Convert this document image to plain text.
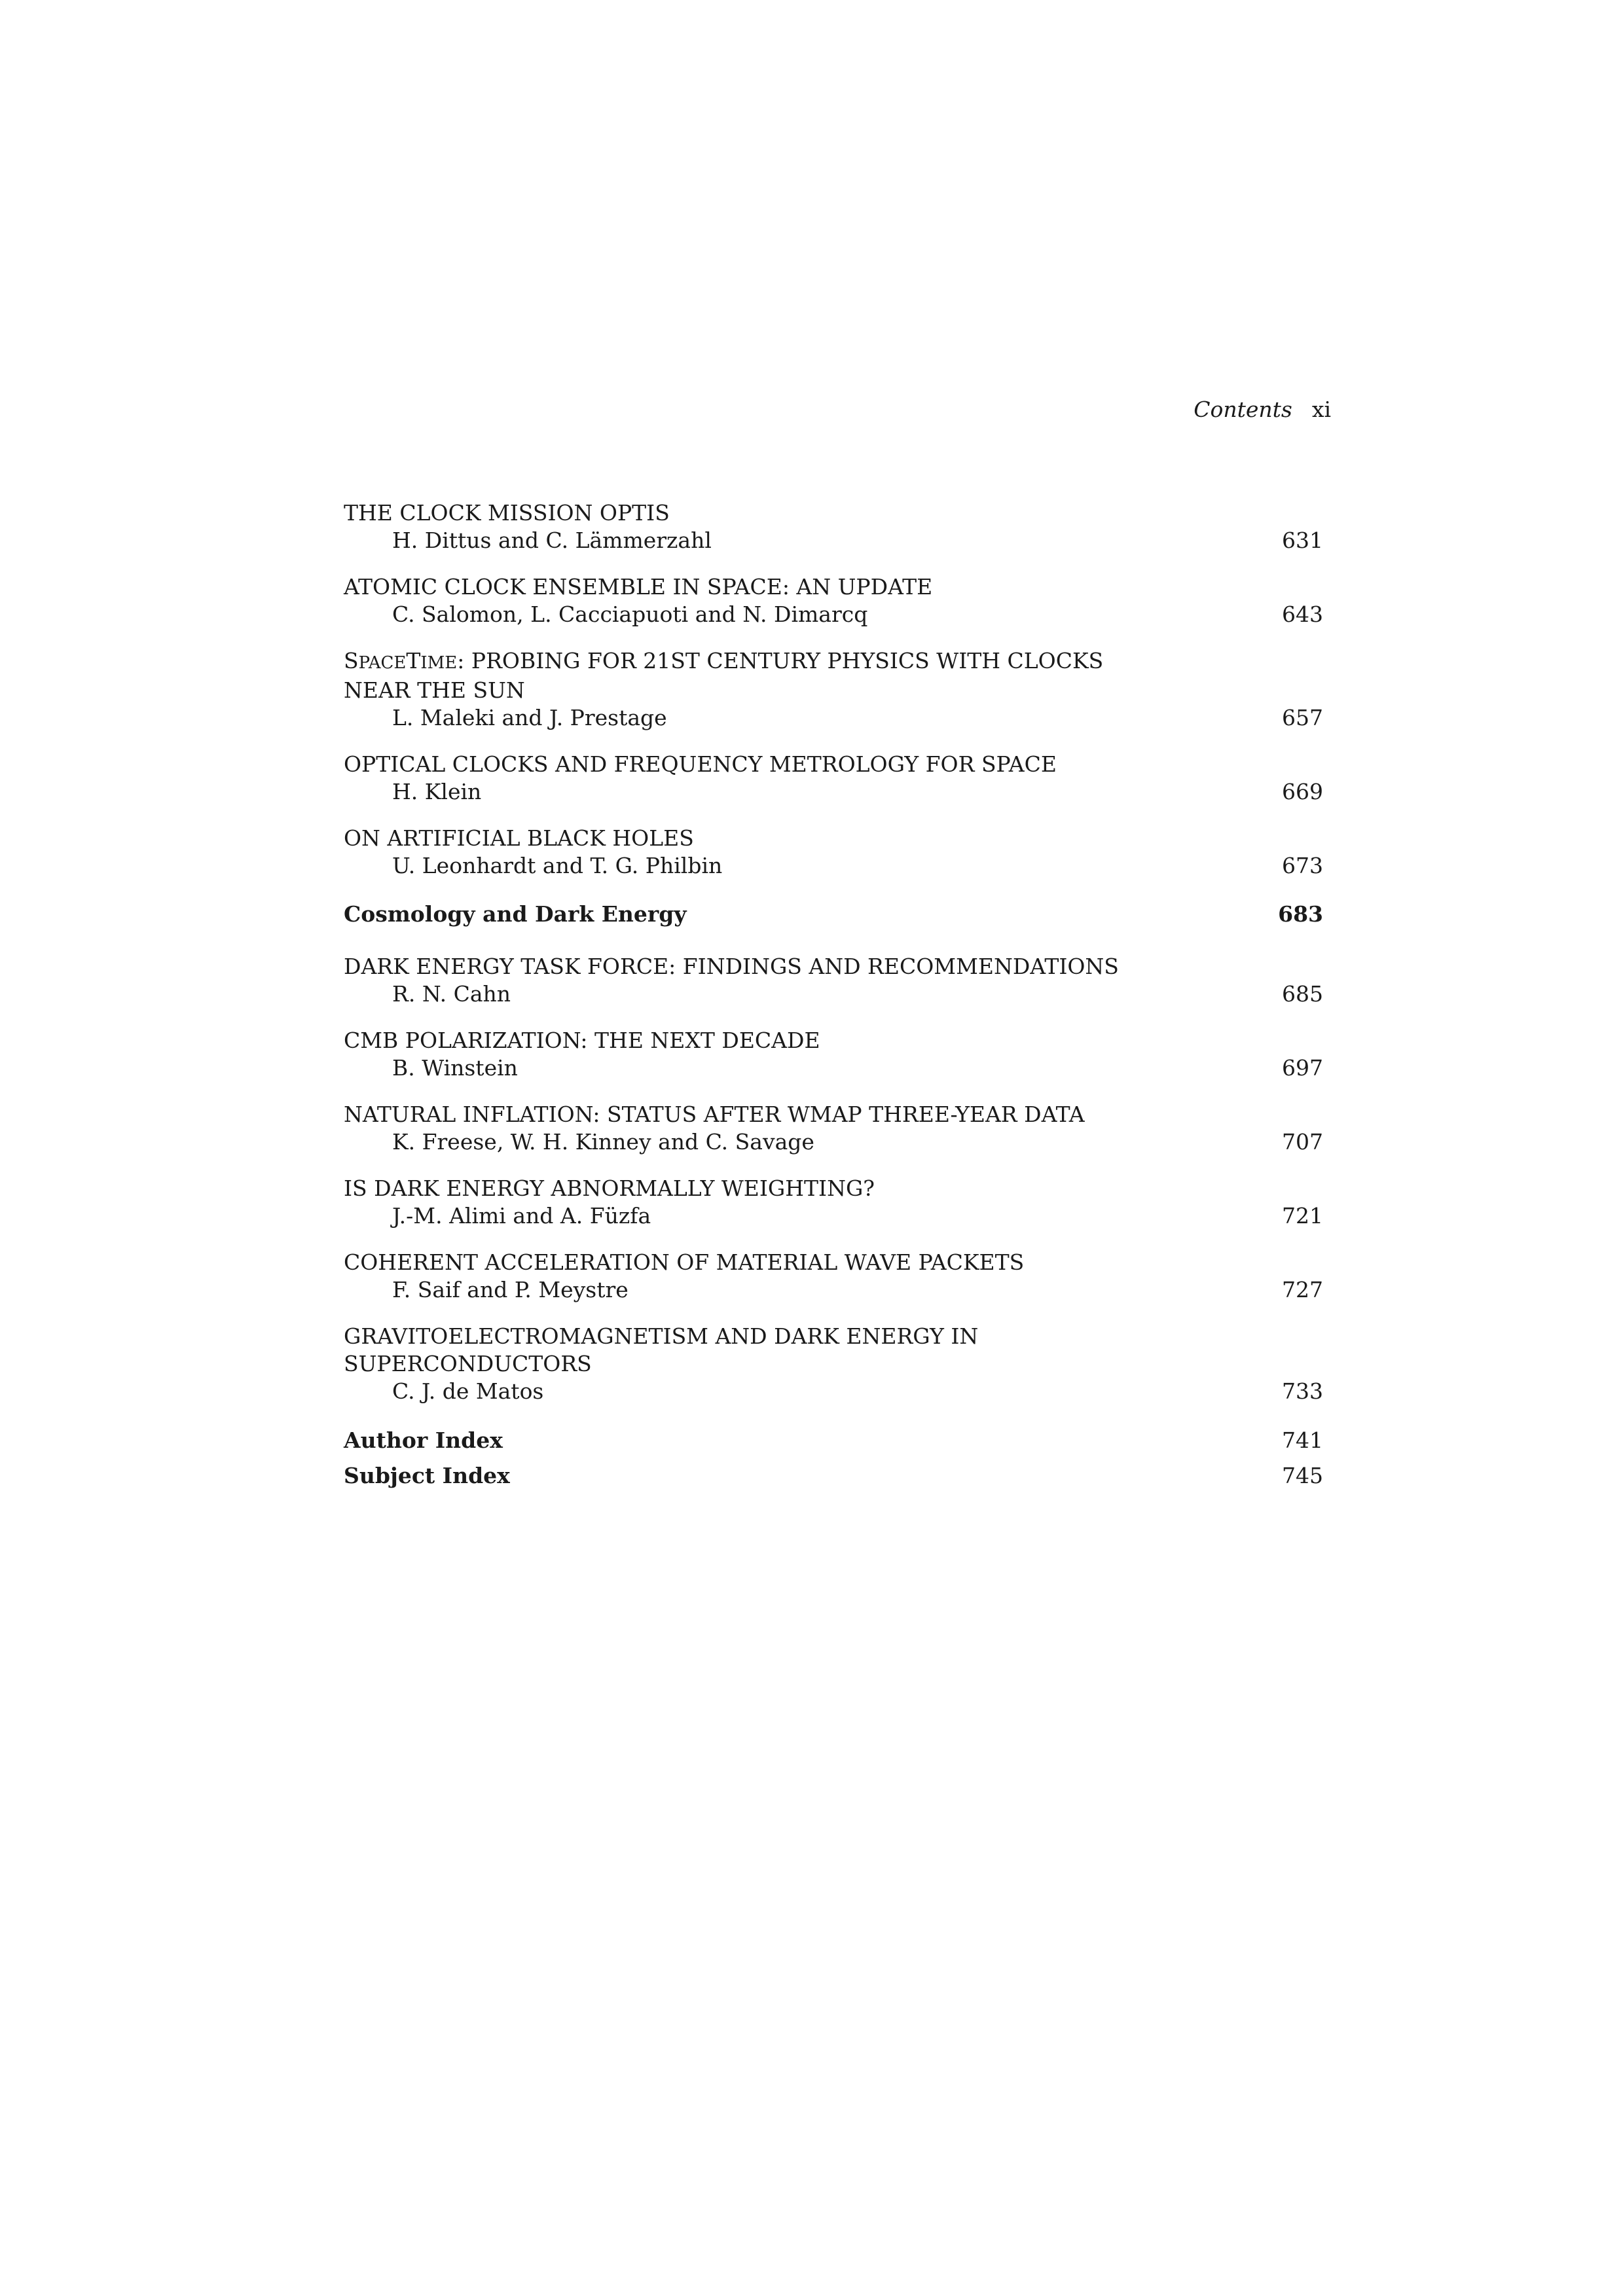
Contents xi
THE CLOCK MISSION OPTIS
H. Dittus and C. Lämmerzahl	631
ATOMIC CLOCK ENSEMBLE IN SPACE: AN UPDATE
C. Salomon, L. Cacciapuoti and N. Dimarcq	643
SPACETIME: PROBING FOR 21ST CENTURY PHYSICS WITH CLOCKS
NEAR THE SUN
L. Maleki and J. Prestage	657
OPTICAL CLOCKS AND FREQUENCY METROLOGY FOR SPACE
H. Klein	669
ON ARTIFICIAL BLACK HOLES
U. Leonhardt and T. G. Philbin	673
Cosmology and Dark Energy	683
DARK ENERGY TASK FORCE: FINDINGS AND RECOMMENDATIONS
R. N. Cahn	685
CMB POLARIZATION: THE NEXT DECADE
B. Winstein	697
NATURAL INFLATION: STATUS AFTER WMAP THREE-YEAR DATA
K. Freese, W. H. Kinney and C. Savage	707
IS DARK ENERGY ABNORMALLY WEIGHTING?
J.-M. Alimi and A. Füzfa	721
COHERENT ACCELERATION OF MATERIAL WAVE PACKETS
F. Saif and P. Meystre	727
GRAVITOELECTROMAGNETISM AND DARK ENERGY IN
SUPERCONDUCTORS
C. J. de Matos	733
Author Index	741
Subject Index	745
